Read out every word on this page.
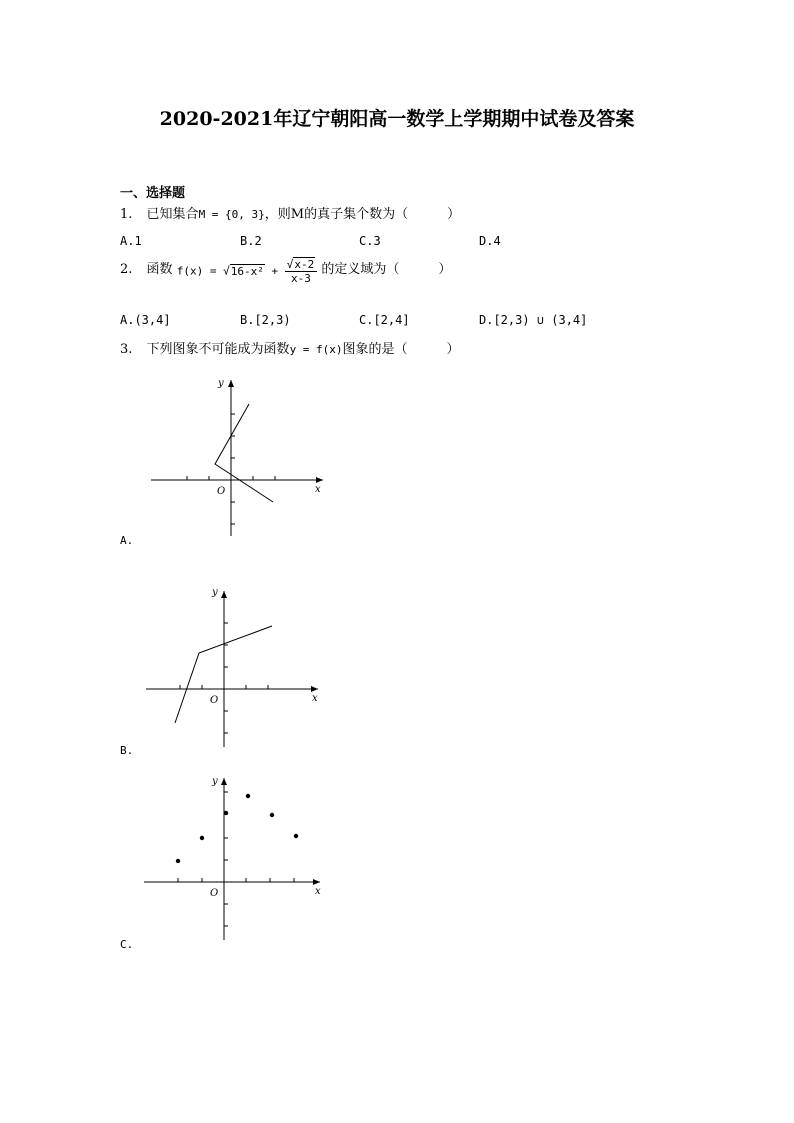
2020-2021年辽宁朝阳高一数学上学期期中试卷及答案
一、选择题
1. 已知集合M = {0, 3}，则M的真子集个数为（　　　）
A.1	B.2	C.3	D.4
2. 函数 $f(x) = √16-x^2 + \frac{√x-2}{x-3}$ 的定义域为（　　　）
A.(3,4]	B.[2,3)	C.[2,4]	D.[2,3) ∪ (3,4]
3. 下列图象不可能成为函数y = f(x)图象的是（　　　）
x
y
O
A.
x
y
O
B.
x
y
O
C.
